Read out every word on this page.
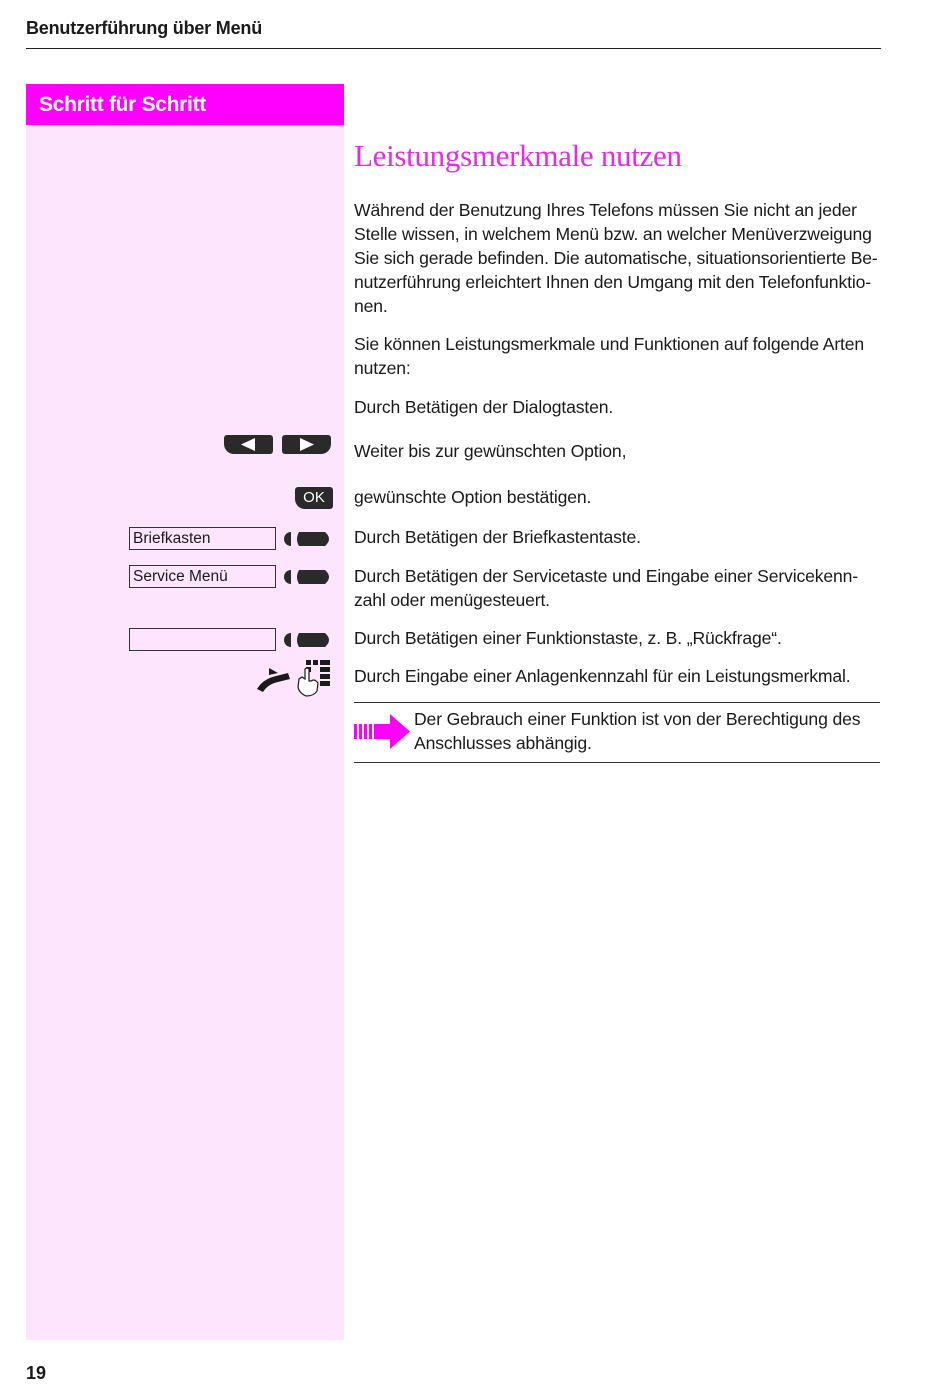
Benutzerführung über Menü
Schritt für Schritt
Leistungsmerkmale nutzen
Während der Benutzung Ihres Telefons müssen Sie nicht an jeder
Stelle wissen, in welchem Menü bzw. an welcher Menüverzweigung
Sie sich gerade befinden. Die automatische, situationsorientierte Be-
nutzerführung erleichtert Ihnen den Umgang mit den Telefonfunktio-
nen.
Sie können Leistungsmerkmale und Funktionen auf folgende Arten
nutzen:
Durch Betätigen der Dialogtasten.
Weiter bis zur gewünschten Option,
OK	gewünschte Option bestätigen.
Briefkasten	Durch Betätigen der Briefkastentaste.
Service Menü	Durch Betätigen der Servicetaste und Eingabe einer Servicekenn-
zahl oder menügesteuert.
Durch Betätigen einer Funktionstaste, z. B. „Rückfrage“.
Durch Eingabe einer Anlagenkennzahl für ein Leistungsmerkmal.
Der Gebrauch einer Funktion ist von der Berechtigung des
Anschlusses abhängig.
19
